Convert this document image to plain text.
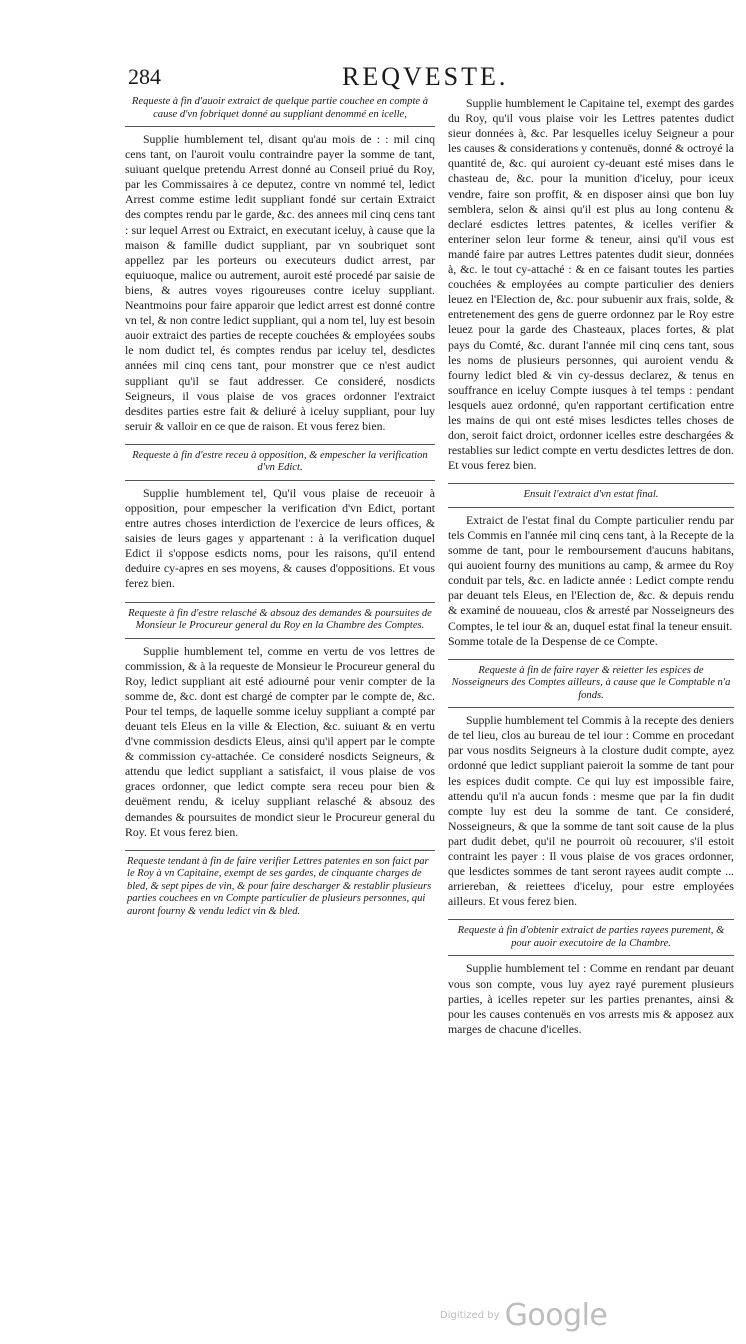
284	REQVESTE.

Requeste à fin d'auoir extraict de quelque partie couchee en compte à cause d'vn fobriquet donné au suppliant denommé en icelle,

Supplie humblement tel, disant qu'au mois de : : mil cinq cens tant, on l'auroit voulu contraindre payer la somme de tant, suiuant quelque pretendu Arrest donné au Conseil priué du Roy, par les Commissaires à ce deputez, contre vn nommé tel, ledict Arrest comme estime ledit suppliant fondé sur certain Extraict des comptes rendu par le garde, &c. des annees mil cinq cens tant : sur lequel Arrest ou Extraict, en executant iceluy, à cause que la maison & famille dudict suppliant, par vn soubriquet sont appellez par les porteurs ou executeurs dudict arrest, par equiuoque, malice ou autrement, auroit esté procedé par saisie de biens, & autres voyes rigoureuses contre iceluy suppliant. Neantmoins pour faire apparoir que ledict arrest est donné contre vn tel, & non contre ledict suppliant, qui a nom tel, luy est besoin auoir extraict des parties de recepte couchées & employées soubs le nom dudict tel, és comptes rendus par iceluy tel, desdictes années mil cinq cens tant, pour monstrer que ce n'est audict suppliant qu'il se faut addresser. Ce consideré, nosdicts Seigneurs, il vous plaise de vos graces ordonner l'extraict desdites parties estre fait & deliuré à iceluy suppliant, pour luy seruir & valloir en ce que de raison. Et vous ferez bien.

Requeste à fin d'estre receu à opposition, & empescher la verification d'vn Edict.

Supplie humblement tel, Qu'il vous plaise de receuoir à opposition, pour empescher la verification d'vn Edict, portant entre autres choses interdiction de l'exercice de leurs offices, & saisies de leurs gages y appartenant : à la verification duquel Edict il s'oppose esdicts noms, pour les raisons, qu'il entend deduire cy-apres en ses moyens, & causes d'oppositions. Et vous ferez bien.

Requeste à fin d'estre relasché & absouz des demandes & poursuites de Monsieur le Procureur general du Roy en la Chambre des Comptes.

Supplie humblement tel, comme en vertu de vos lettres de commission, & à la requeste de Monsieur le Procureur general du Roy, ledict suppliant ait esté adiourné pour venir compter de la somme de, &c. dont est chargé de compter par le compte de, &c. Pour tel temps, de laquelle somme iceluy suppliant a compté par deuant tels Eleus en la ville & Election, &c. suiuant & en vertu d'vne commission desdicts Eleus, ainsi qu'il appert par le compte & commission cy-attachée. Ce consideré nosdicts Seigneurs, & attendu que ledict suppliant a satisfaict, il vous plaise de vos graces ordonner, que ledict compte sera receu pour bien & deuëment rendu, & iceluy suppliant relasché & absouz des demandes & poursuites de mondict sieur le Procureur general du Roy. Et vous ferez bien.

Requeste tendant à fin de faire verifier Lettres patentes en son faict par le Roy à vn Capitaine, exempt de ses gardes, de cinquante charges de bled, & sept pipes de vin, & pour faire descharger & restablir plusieurs parties couchees en vn Compte particulier de plusieurs personnes, qui auront fourny & vendu ledict vin & bled.

Supplie humblement le Capitaine tel, exempt des gardes du Roy, qu'il vous plaise voir les Lettres patentes dudict sieur données à, &c. Par lesquelles iceluy Seigneur a pour les causes & considerations y contenuës, donné & octroyé la quantité de, &c. qui auroient cy-deuant esté mises dans le chasteau de, &c. pour la munition d'iceluy, pour iceux vendre, faire son proffit, & en disposer ainsi que bon luy semblera, selon & ainsi qu'il est plus au long contenu & declaré esdictes lettres patentes, & icelles verifier & enteriner selon leur forme & teneur, ainsi qu'il vous est mandé faire par autres Lettres patentes dudit sieur, données à, &c. le tout cy-attaché : & en ce faisant toutes les parties couchées & employées au compte particulier des deniers leuez en l'Election de, &c. pour subuenir aux frais, solde, & entretenement des gens de guerre ordonnez par le Roy estre leuez pour la garde des Chasteaux, places fortes, & plat pays du Comté, &c. durant l'année mil cinq cens tant, sous les noms de plusieurs personnes, qui auroient vendu & fourny ledict bled & vin cy-dessus declarez, & tenus en souffrance en iceluy Compte iusques à tel temps : pendant lesquels auez ordonné, qu'en rapportant certification entre les mains de qui ont esté mises lesdictes telles choses de don, seroit faict droict, ordonner icelles estre deschargées & restablies sur ledict compte en vertu desdictes lettres de don. Et vous ferez bien.

Ensuit l'extraict d'vn estat final.

Extraict de l'estat final du Compte particulier rendu par tels Commis en l'année mil cinq cens tant, à la Recepte de la somme de tant, pour le remboursement d'aucuns habitans, qui auoient fourny des munitions au camp, & armee du Roy conduit par tels, &c. en ladicte année : Ledict compte rendu par deuant tels Eleus, en l'Election de, &c. & depuis rendu & examiné de nouueau, clos & arresté par Nosseigneurs des Comptes, le tel iour & an, duquel estat final la teneur ensuit.
Somme totale de la Despense de ce Compte.

Requeste à fin de faire rayer & reietter les espices de Nosseigneurs des Comptes ailleurs, à cause que le Comptable n'a fonds.

Supplie humblement tel Commis à la recepte des deniers de tel lieu, clos au bureau de tel iour : Comme en procedant par vous nosdits Seigneurs à la closture dudit compte, ayez ordonné que ledict suppliant paieroit la somme de tant pour les espices dudit compte. Ce qui luy est impossible faire, attendu qu'il n'a aucun fonds : mesme que par la fin dudit compte luy est deu la somme de tant. Ce consideré, Nosseigneurs, & que la somme de tant soit cause de la plus part dudit debet, qu'il ne pourroit où recouurer, s'il estoit contraint les payer : Il vous plaise de vos graces ordonner, que lesdictes sommes de tant seront rayees audit compte ... arriereban, & reiettees d'iceluy, pour estre employées ailleurs. Et vous ferez bien.

Requeste à fin d'obtenir extraict de parties rayees purement, & pour auoir executoire de la Chambre.

Supplie humblement tel : Comme en rendant par deuant vous son compte, vous luy ayez rayé purement plusieurs parties, à icelles repeter sur les parties prenantes, ainsi & pour les causes contenuës en vos arrests mis & apposez aux marges de chacune d'icelles.

Digitized by Google
